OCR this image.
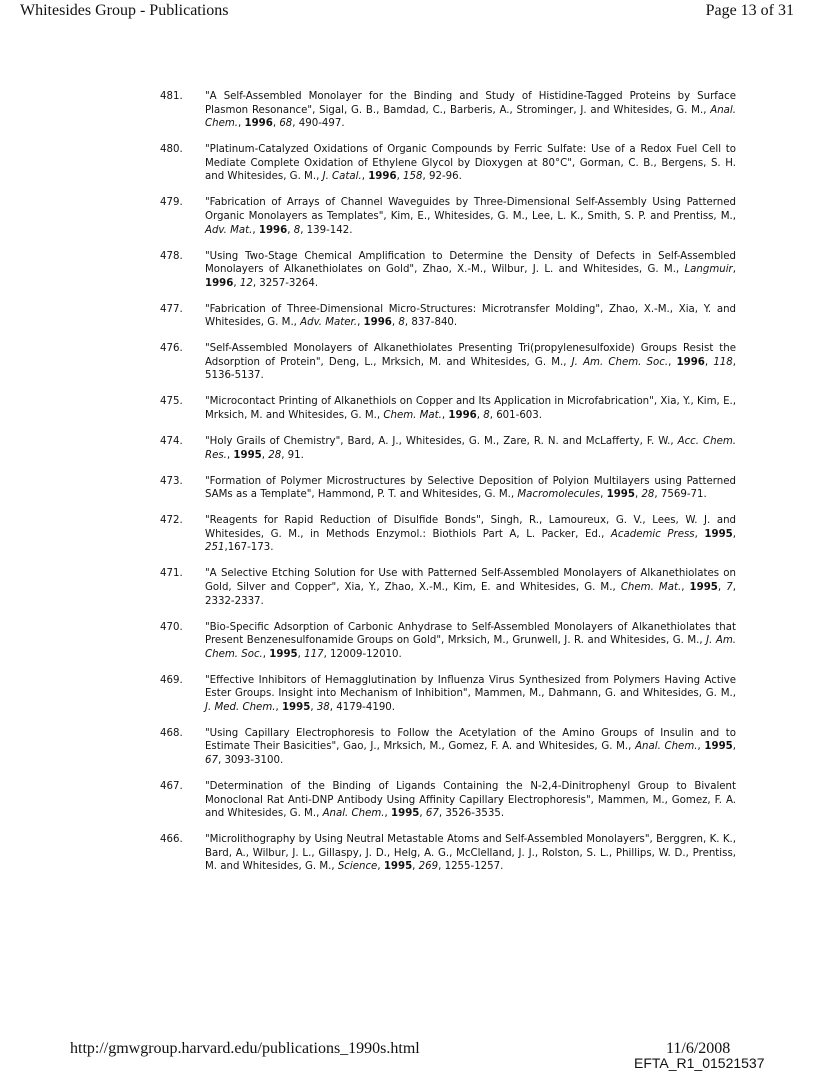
Whitesides Group - Publications	Page 13 of 31
481. "A Self-Assembled Monolayer for the Binding and Study of Histidine-Tagged Proteins by Surface Plasmon Resonance", Sigal, G. B., Bamdad, C., Barberis, A., Strominger, J. and Whitesides, G. M., Anal. Chem., 1996, 68, 490-497.
480. "Platinum-Catalyzed Oxidations of Organic Compounds by Ferric Sulfate: Use of a Redox Fuel Cell to Mediate Complete Oxidation of Ethylene Glycol by Dioxygen at 80°C", Gorman, C. B., Bergens, S. H. and Whitesides, G. M., J. Catal., 1996, 158, 92-96.
479. "Fabrication of Arrays of Channel Waveguides by Three-Dimensional Self-Assembly Using Patterned Organic Monolayers as Templates", Kim, E., Whitesides, G. M., Lee, L. K., Smith, S. P. and Prentiss, M., Adv. Mat., 1996, 8, 139-142.
478. "Using Two-Stage Chemical Amplification to Determine the Density of Defects in Self-Assembled Monolayers of Alkanethiolates on Gold", Zhao, X.-M., Wilbur, J. L. and Whitesides, G. M., Langmuir, 1996, 12, 3257-3264.
477. "Fabrication of Three-Dimensional Micro-Structures: Microtransfer Molding", Zhao, X.-M., Xia, Y. and Whitesides, G. M., Adv. Mater., 1996, 8, 837-840.
476. "Self-Assembled Monolayers of Alkanethiolates Presenting Tri(propylenesulfoxide) Groups Resist the Adsorption of Protein", Deng, L., Mrksich, M. and Whitesides, G. M., J. Am. Chem. Soc., 1996, 118, 5136-5137.
475. "Microcontact Printing of Alkanethiols on Copper and Its Application in Microfabrication", Xia, Y., Kim, E., Mrksich, M. and Whitesides, G. M., Chem. Mat., 1996, 8, 601-603.
474. "Holy Grails of Chemistry", Bard, A. J., Whitesides, G. M., Zare, R. N. and McLafferty, F. W., Acc. Chem. Res., 1995, 28, 91.
473. "Formation of Polymer Microstructures by Selective Deposition of Polyion Multilayers using Patterned SAMs as a Template", Hammond, P. T. and Whitesides, G. M., Macromolecules, 1995, 28, 7569-71.
472. "Reagents for Rapid Reduction of Disulfide Bonds", Singh, R., Lamoureux, G. V., Lees, W. J. and Whitesides, G. M., in Methods Enzymol.: Biothiols Part A, L. Packer, Ed., Academic Press, 1995, 251,167-173.
471. "A Selective Etching Solution for Use with Patterned Self-Assembled Monolayers of Alkanethiolates on Gold, Silver and Copper", Xia, Y., Zhao, X.-M., Kim, E. and Whitesides, G. M., Chem. Mat., 1995, 7, 2332-2337.
470. "Bio-Specific Adsorption of Carbonic Anhydrase to Self-Assembled Monolayers of Alkanethiolates that Present Benzenesulfonamide Groups on Gold", Mrksich, M., Grunwell, J. R. and Whitesides, G. M., J. Am. Chem. Soc., 1995, 117, 12009-12010.
469. "Effective Inhibitors of Hemagglutination by Influenza Virus Synthesized from Polymers Having Active Ester Groups. Insight into Mechanism of Inhibition", Mammen, M., Dahmann, G. and Whitesides, G. M., J. Med. Chem., 1995, 38, 4179-4190.
468. "Using Capillary Electrophoresis to Follow the Acetylation of the Amino Groups of Insulin and to Estimate Their Basicities", Gao, J., Mrksich, M., Gomez, F. A. and Whitesides, G. M., Anal. Chem., 1995, 67, 3093-3100.
467. "Determination of the Binding of Ligands Containing the N-2,4-Dinitrophenyl Group to Bivalent Monoclonal Rat Anti-DNP Antibody Using Affinity Capillary Electrophoresis", Mammen, M., Gomez, F. A. and Whitesides, G. M., Anal. Chem., 1995, 67, 3526-3535.
466. "Microlithography by Using Neutral Metastable Atoms and Self-Assembled Monolayers", Berggren, K. K., Bard, A., Wilbur, J. L., Gillaspy, J. D., Helg, A. G., McClelland, J. J., Rolston, S. L., Phillips, W. D., Prentiss, M. and Whitesides, G. M., Science, 1995, 269, 1255-1257.
http://gmwgroup.harvard.edu/publications_1990s.html	11/6/2008
EFTA_R1_01521537
